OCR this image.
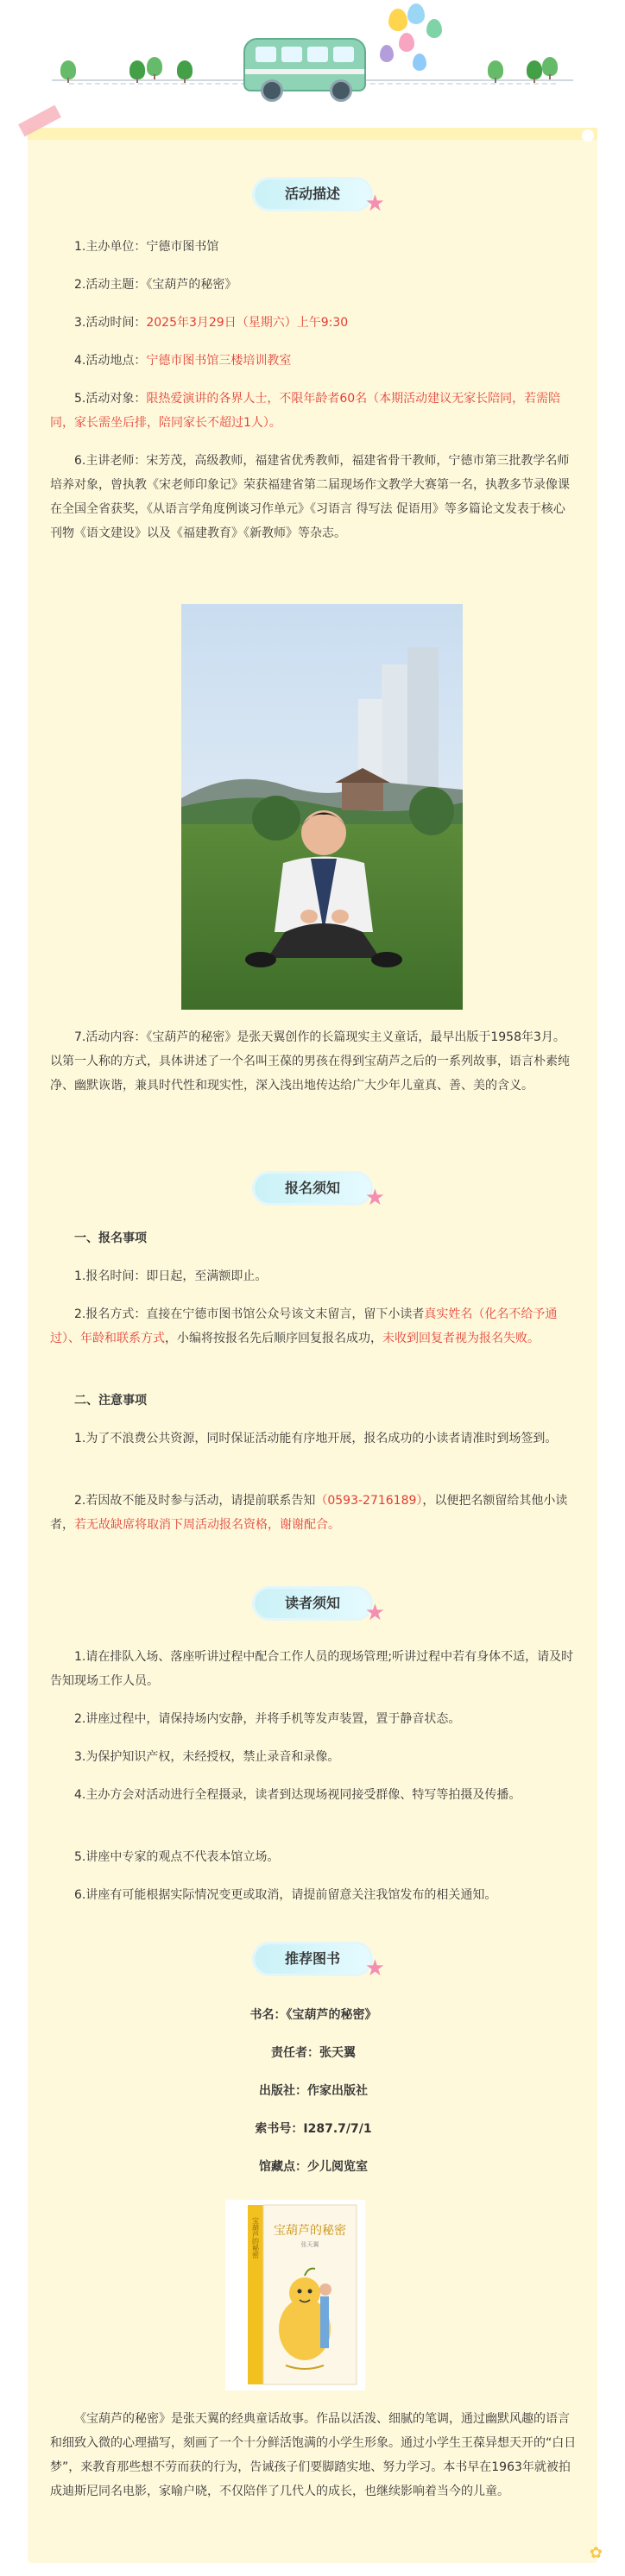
活动描述 ★
1.主办单位：宁德市图书馆
2.活动主题：《宝葫芦的秘密》
3.活动时间：2025年3月29日（星期六）上午9:30
4.活动地点：宁德市图书馆三楼培训教室
5.活动对象：限热爱演讲的各界人士，不限年龄者60名（本期活动建议无家长陪同，若需陪同，家长需坐后排，陪同家长不超过1人）。
6.主讲老师：宋芳茂，高级教师，福建省优秀教师，福建省骨干教师，宁德市第三批教学名师培养对象，曾执教《宋老师印象记》荣获福建省第二届现场作文教学大赛第一名，执教多节录像课在全国全省获奖，《从语言学角度例谈习作单元》《习语言 得写法 促语用》等多篇论文发表于核心刊物《语文建设》以及《福建教育》《新教师》等杂志。
7.活动内容：《宝葫芦的秘密》是张天翼创作的长篇现实主义童话，最早出版于1958年3月。以第一人称的方式，具体讲述了一个名叫王葆的男孩在得到宝葫芦之后的一系列故事，语言朴素纯净、幽默诙谐，兼具时代性和现实性，深入浅出地传达给广大少年儿童真、善、美的含义。
报名须知 ★
一、报名事项
1.报名时间：即日起，至满额即止。
2.报名方式：直接在宁德市图书馆公众号该文末留言，留下小读者真实姓名（化名不给予通过）、年龄和联系方式，小编将按报名先后顺序回复报名成功，未收到回复者视为报名失败。
二、注意事项
1.为了不浪费公共资源，同时保证活动能有序地开展，报名成功的小读者请准时到场签到。
2.若因故不能及时参与活动，请提前联系告知（0593-2716189），以便把名额留给其他小读者，若无故缺席将取消下周活动报名资格，谢谢配合。
读者须知 ★
1.请在排队入场、落座听讲过程中配合工作人员的现场管理;听讲过程中若有身体不适，请及时告知现场工作人员。
2.讲座过程中，请保持场内安静，并将手机等发声装置，置于静音状态。
3.为保护知识产权，未经授权，禁止录音和录像。
4.主办方会对活动进行全程摄录，读者到达现场视同接受群像、特写等拍摄及传播。
5.讲座中专家的观点不代表本馆立场。
6.讲座有可能根据实际情况变更或取消，请提前留意关注我馆发布的相关通知。
推荐图书 ★
书名：《宝葫芦的秘密》
责任者：张天翼
出版社：作家出版社
索书号：I287.7/7/1
馆藏点：少儿阅览室
宝葫芦的秘密 宝葫芦的秘密
张天翼
《宝葫芦的秘密》是张天翼的经典童话故事。作品以活泼、细腻的笔调，通过幽默风趣的语言和细致入微的心理描写，刻画了一个十分鲜活饱满的小学生形象。通过小学生王葆异想天开的“白日梦”，来教育那些想不劳而获的行为，告诫孩子们要脚踏实地、努力学习。本书早在1963年就被拍成迪斯尼同名电影，家喻户晓，不仅陪伴了几代人的成长，也继续影响着当今的儿童。
✿
